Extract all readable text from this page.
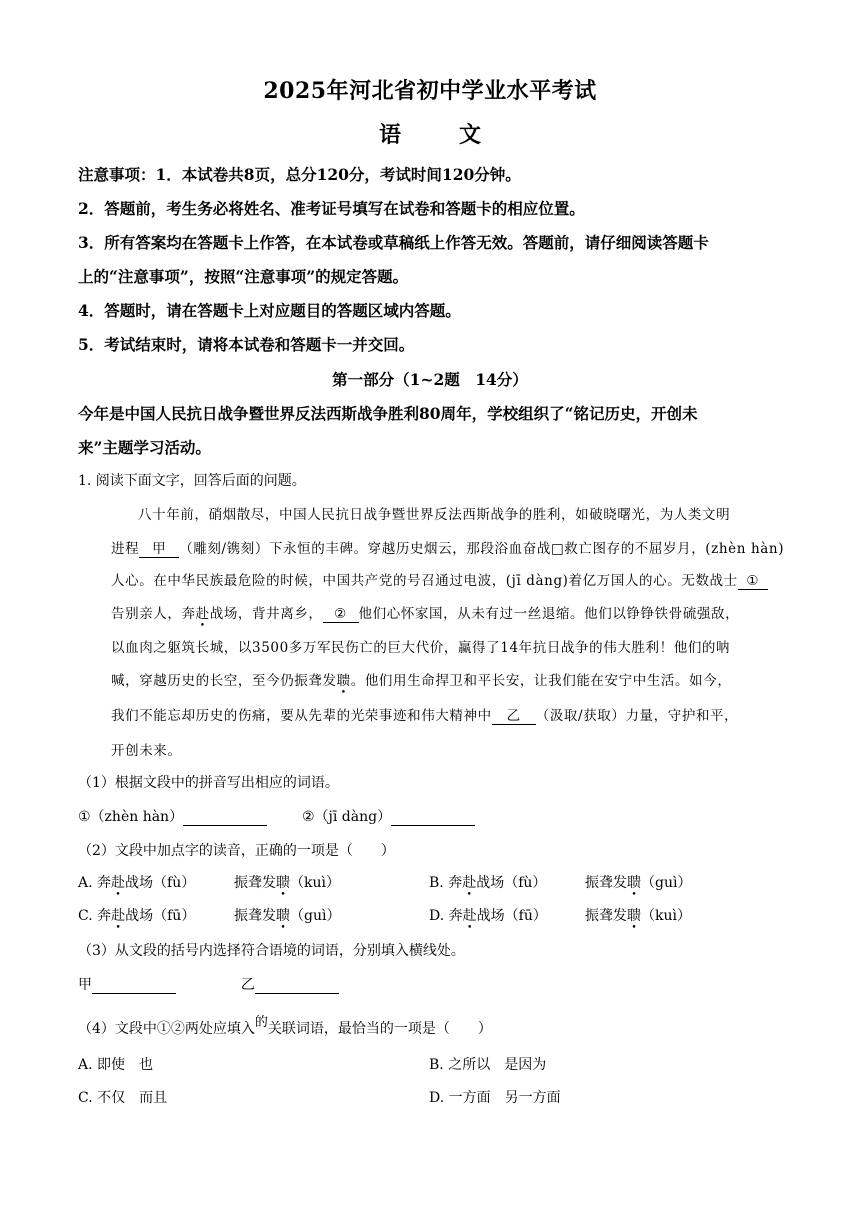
2025年河北省初中学业水平考试
语　文
注意事项：1．本试卷共8页，总分120分，考试时间120分钟。
2．答题前，考生务必将姓名、准考证号填写在试卷和答题卡的相应位置。
3．所有答案均在答题卡上作答，在本试卷或草稿纸上作答无效。答题前，请仔细阅读答题卡
上的“注意事项”，按照“注意事项”的规定答题。
4．答题时，请在答题卡上对应题目的答题区域内答题。
5．考试结束时，请将本试卷和答题卡一并交回。
第一部分（1~2题　14分）
今年是中国人民抗日战争暨世界反法西斯战争胜利80周年，学校组织了“铭记历史，开创未
来”主题学习活动。
1. 阅读下面文字，回答后面的问题。
八十年前，硝烟散尽，中国人民抗日战争暨世界反法西斯战争的胜利，如破晓曙光，为人类文明
进程 甲 （雕刻/镌刻）下永恒的丰碑。穿越历史烟云，那段浴血奋战□救亡图存的不屈岁月，(zhèn hàn)
人心。在中华民族最危险的时候，中国共产党的号召通过电波，(jī dàng)着亿万国人的心。无数战士 ①
告别亲人，奔赴战场，背井离乡， ② 他们心怀家国，从未有过一丝退缩。他们以铮铮铁骨硫强敌，
以血肉之躯筑长城，以3500多万军民伤亡的巨大代价，赢得了14年抗日战争的伟大胜利！他们的呐
喊，穿越历史的长空，至今仍振聋发聩。他们用生命捍卫和平长安，让我们能在安宁中生活。如今，
我们不能忘却历史的伤痛，要从先辈的光荣事迹和伟大精神中 乙 （汲取/获取）力量，守护和平，
开创未来。
（1）根据文段中的拼音写出相应的词语。
①（zhèn hàn）	②（jī dàng）
（2）文段中加点字的读音，正确的一项是（　　）
A. 奔赴战场（fù）	振聋发聩（kuì）	B. 奔赴战场（fù）	振聋发聩（guì）
C. 奔赴战场（fū）	振聋发聩（guì）	D. 奔赴战场（fū）	振聋发聩（kuì）
（3）从文段的括号内选择符合语境的词语，分别填入横线处。
甲	乙
（4）文段中①②两处应填入的关联词语，最恰当的一项是（　　）
A. 即使　也	B. 之所以　是因为
C. 不仅　而且	D. 一方面　另一方面
